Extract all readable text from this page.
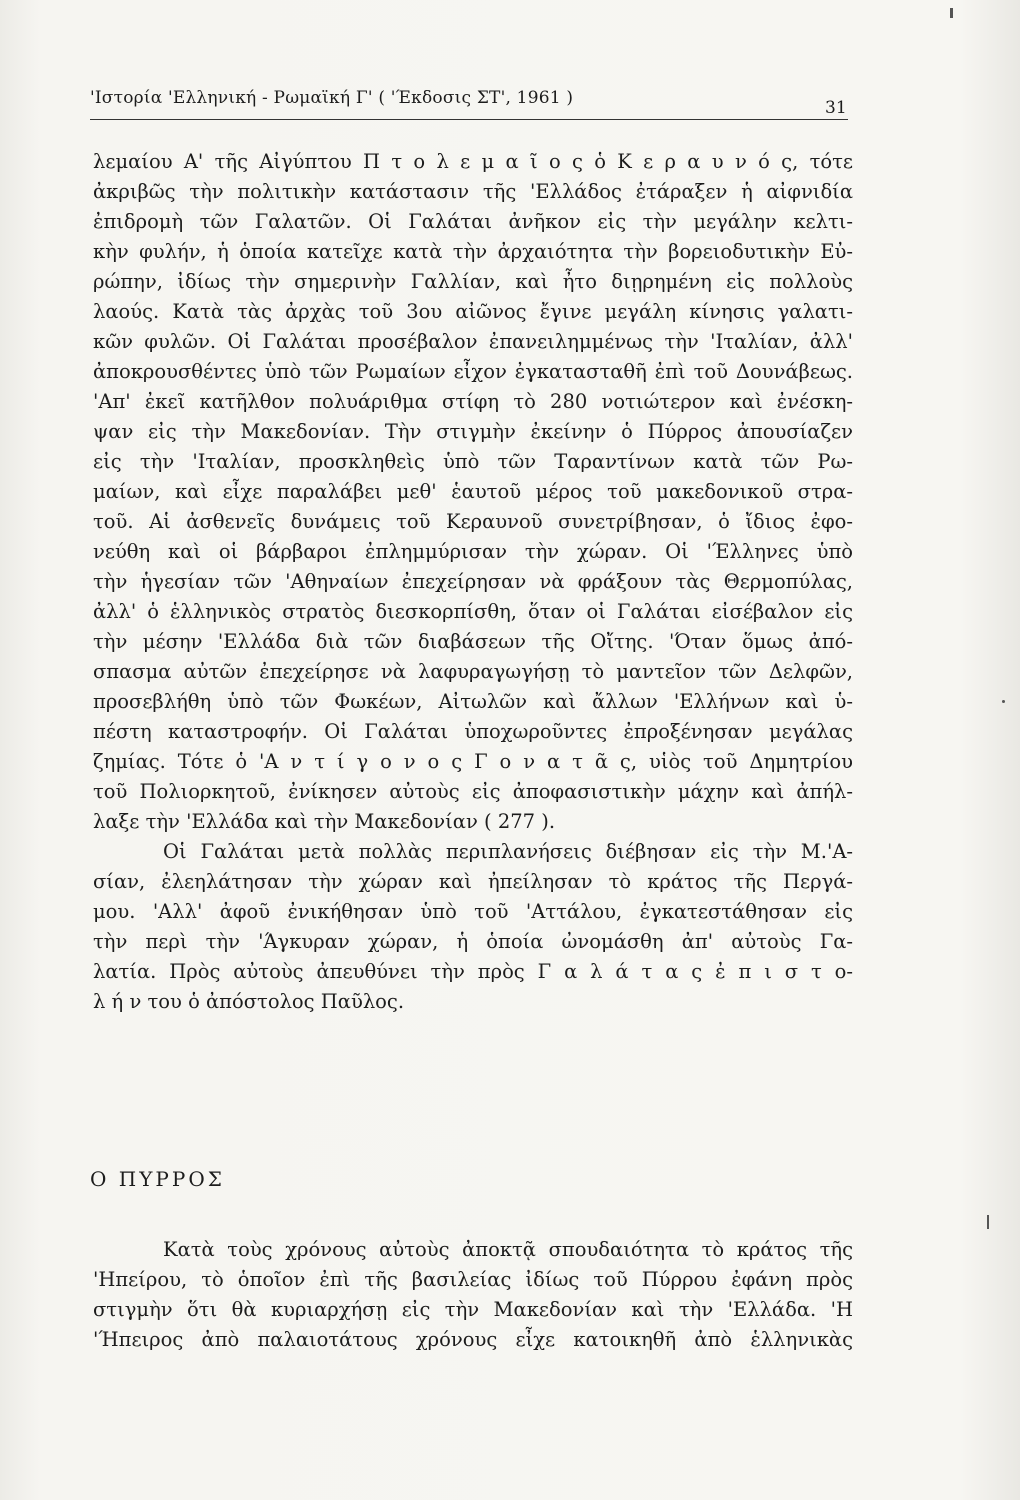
'Ιστορία 'Ελληνική - Ρωμαϊκή Γ' ( 'Έκδοσις ΣΤ', 1961 )	31
λεμαίου Α' τῆς Αἰγύπτου Π τ ο λ ε μ α ῖ ο ς ὁ Κ ε ρ α υ ν ό ς, τότε
ἀκριβῶς τὴν πολιτικὴν κατάστασιν τῆς 'Ελλάδος ἐτάραξεν ἡ αἰφνιδία
ἐπιδρομὴ τῶν Γαλατῶν. Οἱ Γαλάται ἀνῆκον εἰς τὴν μεγάλην κελτι-
κὴν φυλήν, ἡ ὁποία κατεῖχε κατὰ τὴν ἀρχαιότητα τὴν βορειοδυτικὴν Εὐ-
ρώπην, ἰδίως τὴν σημερινὴν Γαλλίαν, καὶ ἦτο διῃρημένη εἰς πολλοὺς
λαούς. Κατὰ τὰς ἀρχὰς τοῦ 3ου αἰῶνος ἔγινε μεγάλη κίνησις γαλατι-
κῶν φυλῶν. Οἱ Γαλάται προσέβαλον ἐπανειλημμένως τὴν 'Ιταλίαν, ἀλλ'
ἀποκρουσθέντες ὑπὸ τῶν Ρωμαίων εἶχον ἐγκατασταθῆ ἐπὶ τοῦ Δουνάβεως.
'Απ' ἐκεῖ κατῆλθον πολυάριθμα στίφη τὸ 280 νοτιώτερον καὶ ἐνέσκη-
ψαν εἰς τὴν Μακεδονίαν. Τὴν στιγμὴν ἐκείνην ὁ Πύρρος ἀπουσίαζεν
εἰς τὴν 'Ιταλίαν, προσκληθεὶς ὑπὸ τῶν Ταραντίνων κατὰ τῶν Ρω-
μαίων, καὶ εἶχε παραλάβει μεθ' ἑαυτοῦ μέρος τοῦ μακεδονικοῦ στρα-
τοῦ. Αἱ ἀσθενεῖς δυνάμεις τοῦ Κεραυνοῦ συνετρίβησαν, ὁ ἴδιος ἐφο-
νεύθη καὶ οἱ βάρβαροι ἐπλημμύρισαν τὴν χώραν. Οἱ 'Έλληνες ὑπὸ
τὴν ἡγεσίαν τῶν 'Αθηναίων ἐπεχείρησαν νὰ φράξουν τὰς Θερμοπύλας,
ἀλλ' ὁ ἑλληνικὸς στρατὸς διεσκορπίσθη, ὅταν οἱ Γαλάται εἰσέβαλον εἰς
τὴν μέσην 'Ελλάδα διὰ τῶν διαβάσεων τῆς Οἴτης. 'Όταν ὅμως ἀπό-
σπασμα αὐτῶν ἐπεχείρησε νὰ λαφυραγωγήσῃ τὸ μαντεῖον τῶν Δελφῶν,
προσεβλήθη ὑπὸ τῶν Φωκέων, Αἰτωλῶν καὶ ἄλλων 'Ελλήνων καὶ ὑ-
πέστη καταστροφήν. Οἱ Γαλάται ὑποχωροῦντες ἐπροξένησαν μεγάλας
ζημίας. Τότε ὁ 'Α ν τ ί γ ο ν ο ς Γ ο ν α τ ᾶ ς, υἱὸς τοῦ Δημητρίου
τοῦ Πολιορκητοῦ, ἐνίκησεν αὐτοὺς εἰς ἀποφασιστικὴν μάχην καὶ ἀπήλ-
λαξε τὴν 'Ελλάδα καὶ τὴν Μακεδονίαν ( 277 ).
Οἱ Γαλάται μετὰ πολλὰς περιπλανήσεις διέβησαν εἰς τὴν Μ.'Α-
σίαν, ἐλεηλάτησαν τὴν χώραν καὶ ἠπείλησαν τὸ κράτος τῆς Περγά-
μου. 'Αλλ' ἀφοῦ ἐνικήθησαν ὑπὸ τοῦ 'Αττάλου, ἐγκατεστάθησαν εἰς
τὴν περὶ τὴν 'Άγκυραν χώραν, ἡ ὁποία ὠνομάσθη ἀπ' αὐτοὺς Γα-
λατία. Πρὸς αὐτοὺς ἀπευθύνει τὴν πρὸς Γ α λ ά τ α ς ἐ π ι σ τ ο-
λ ή ν του ὁ ἀπόστολος Παῦλος.
Ο ΠΥΡΡΟΣ
Κατὰ τοὺς χρόνους αὐτοὺς ἀποκτᾷ σπουδαιότητα τὸ κράτος τῆς
'Ηπείρου, τὸ ὁποῖον ἐπὶ τῆς βασιλείας ἰδίως τοῦ Πύρρου ἐφάνη πρὸς
στιγμὴν ὅτι θὰ κυριαρχήσῃ εἰς τὴν Μακεδονίαν καὶ τὴν 'Ελλάδα. 'Η
'Ήπειρος ἀπὸ παλαιοτάτους χρόνους εἶχε κατοικηθῆ ἀπὸ ἑλληνικὰς
